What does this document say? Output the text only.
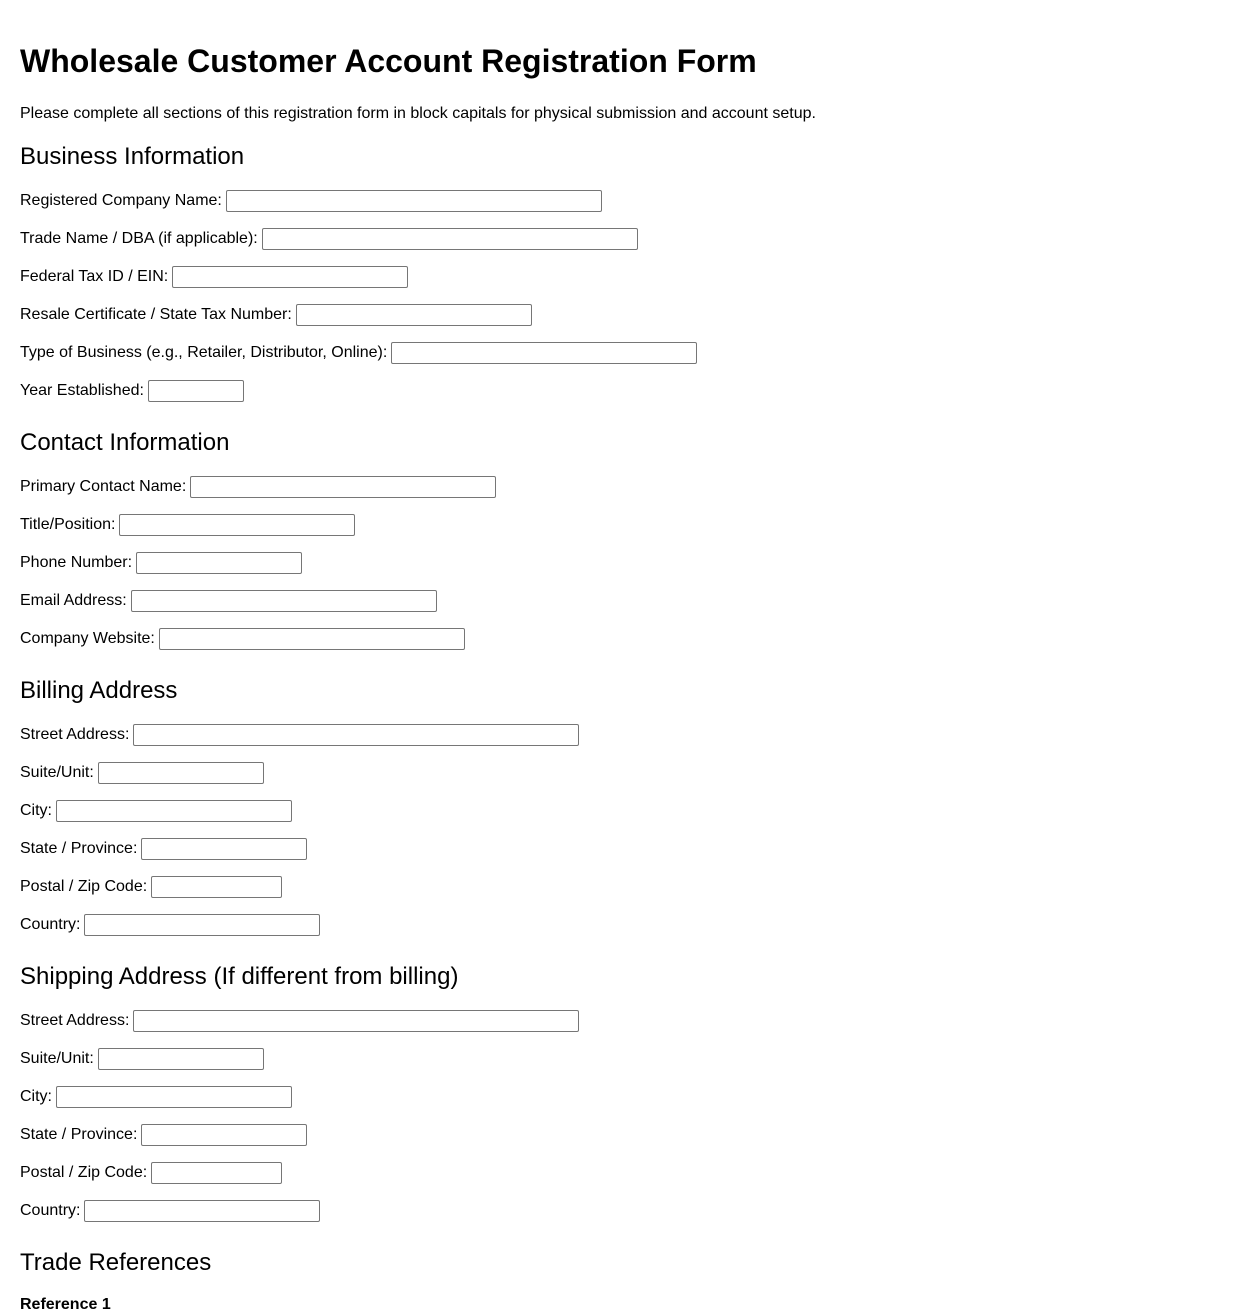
Wholesale Customer Account Registration Form

Please complete all sections of this registration form in block capitals for physical submission and account setup.

Business Information
Registered Company Name:
Trade Name / DBA (if applicable):
Federal Tax ID / EIN:
Resale Certificate / State Tax Number:
Type of Business (e.g., Retailer, Distributor, Online):
Year Established:
Contact Information
Primary Contact Name:
Title/Position:
Phone Number:
Email Address:
Company Website:
Billing Address
Street Address:
Suite/Unit:
City:
State / Province:
Postal / Zip Code:
Country:
Shipping Address (If different from billing)
Street Address:
Suite/Unit:
City:
State / Province:
Postal / Zip Code:
Country:
Trade References
Reference 1
